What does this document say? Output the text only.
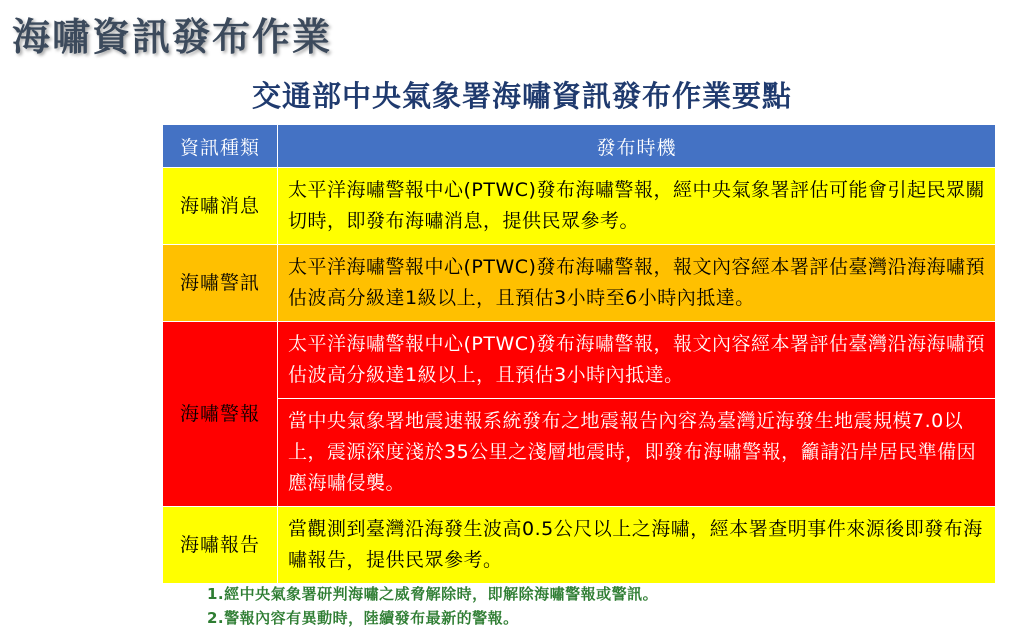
海嘯資訊發布作業
交通部中央氣象署海嘯資訊發布作業要點
資訊種類	發布時機
海嘯消息	太平洋海嘯警報中心(PTWC)發布海嘯警報，經中央氣象署評估可能會引起民眾關切時，即發布海嘯消息，提供民眾參考。
海嘯警訊	太平洋海嘯警報中心(PTWC)發布海嘯警報，報文內容經本署評估臺灣沿海海嘯預估波高分級達1級以上，且預估3小時至6小時內抵達。
海嘯警報	太平洋海嘯警報中心(PTWC)發布海嘯警報，報文內容經本署評估臺灣沿海海嘯預估波高分級達1級以上，且預估3小時內抵達。
	當中央氣象署地震速報系統發布之地震報告內容為臺灣近海發生地震規模7.0以上，震源深度淺於35公里之淺層地震時，即發布海嘯警報，籲請沿岸居民準備因應海嘯侵襲。
海嘯報告	當觀測到臺灣沿海發生波高0.5公尺以上之海嘯，經本署查明事件來源後即發布海嘯報告，提供民眾參考。
1.經中央氣象署研判海嘯之威脅解除時，即解除海嘯警報或警訊。
2.警報內容有異動時，陸續發布最新的警報。
